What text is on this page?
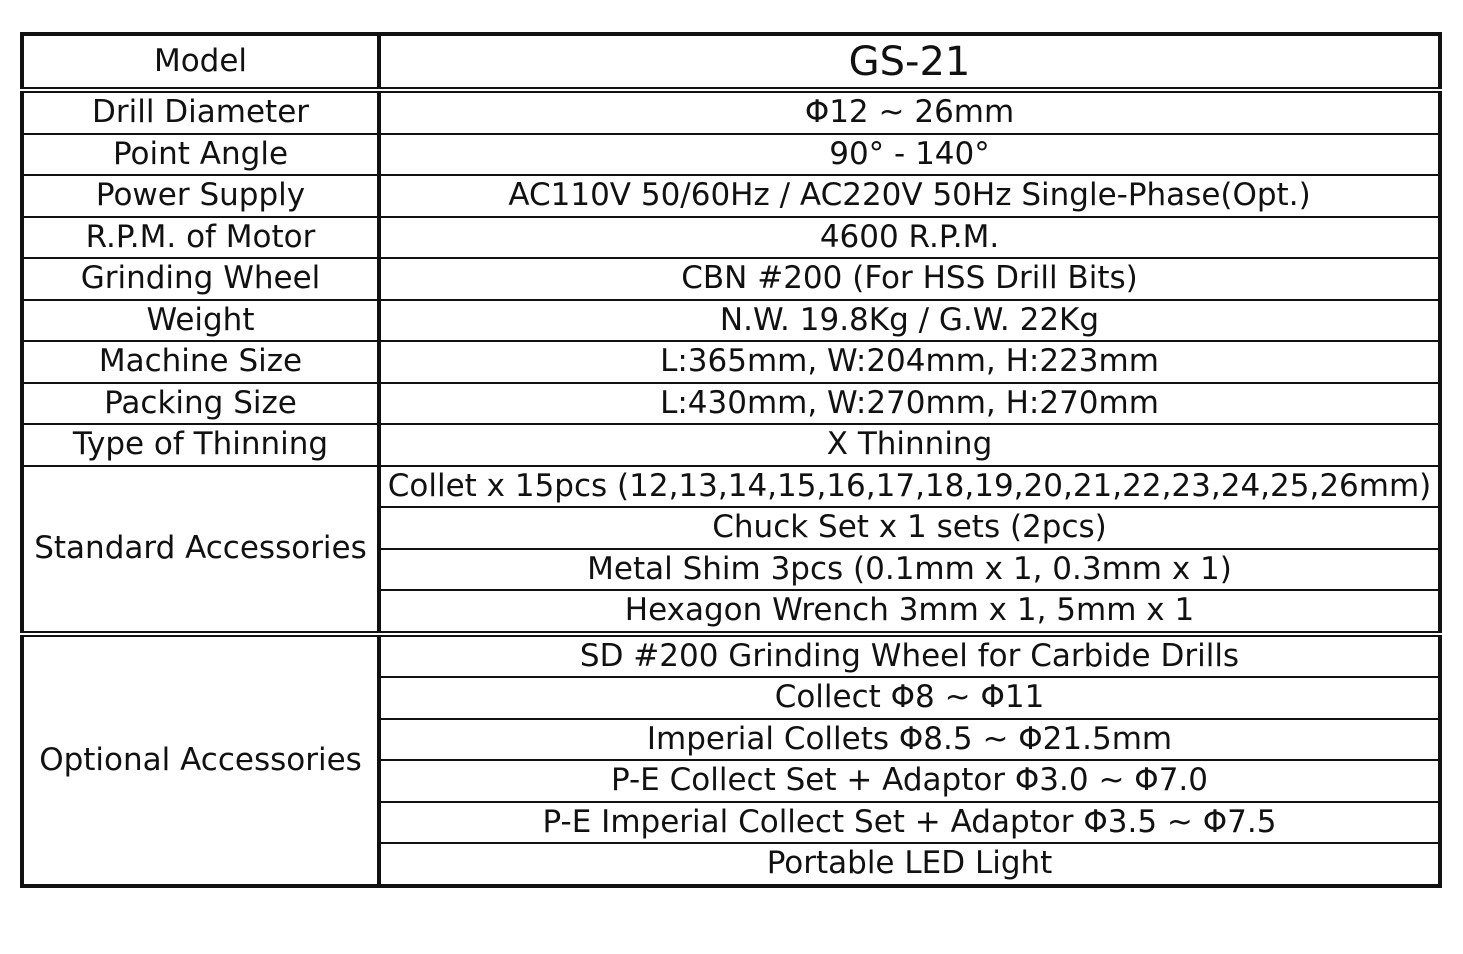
Model	GS-21
Drill Diameter	Φ12 ~ 26mm
Point Angle	90° - 140°
Power Supply	AC110V 50/60Hz / AC220V 50Hz Single-Phase(Opt.)
R.P.M. of Motor	4600 R.P.M.
Grinding Wheel	CBN #200 (For HSS Drill Bits)
Weight	N.W. 19.8Kg / G.W. 22Kg
Machine Size	L:365mm, W:204mm, H:223mm
Packing Size	L:430mm, W:270mm, H:270mm
Type of Thinning	X Thinning
Standard Accessories	Collet x 15pcs (12,13,14,15,16,17,18,19,20,21,22,23,24,25,26mm)
	Chuck Set x 1 sets (2pcs)
	Metal Shim 3pcs (0.1mm x 1, 0.3mm x 1)
	Hexagon Wrench 3mm x 1, 5mm x 1
Optional Accessories	SD #200 Grinding Wheel for Carbide Drills
	Collect Φ8 ~ Φ11
	Imperial Collets Φ8.5 ~ Φ21.5mm
	P-E Collect Set + Adaptor Φ3.0 ~ Φ7.0
	P-E Imperial Collect Set + Adaptor Φ3.5 ~ Φ7.5
	Portable LED Light
